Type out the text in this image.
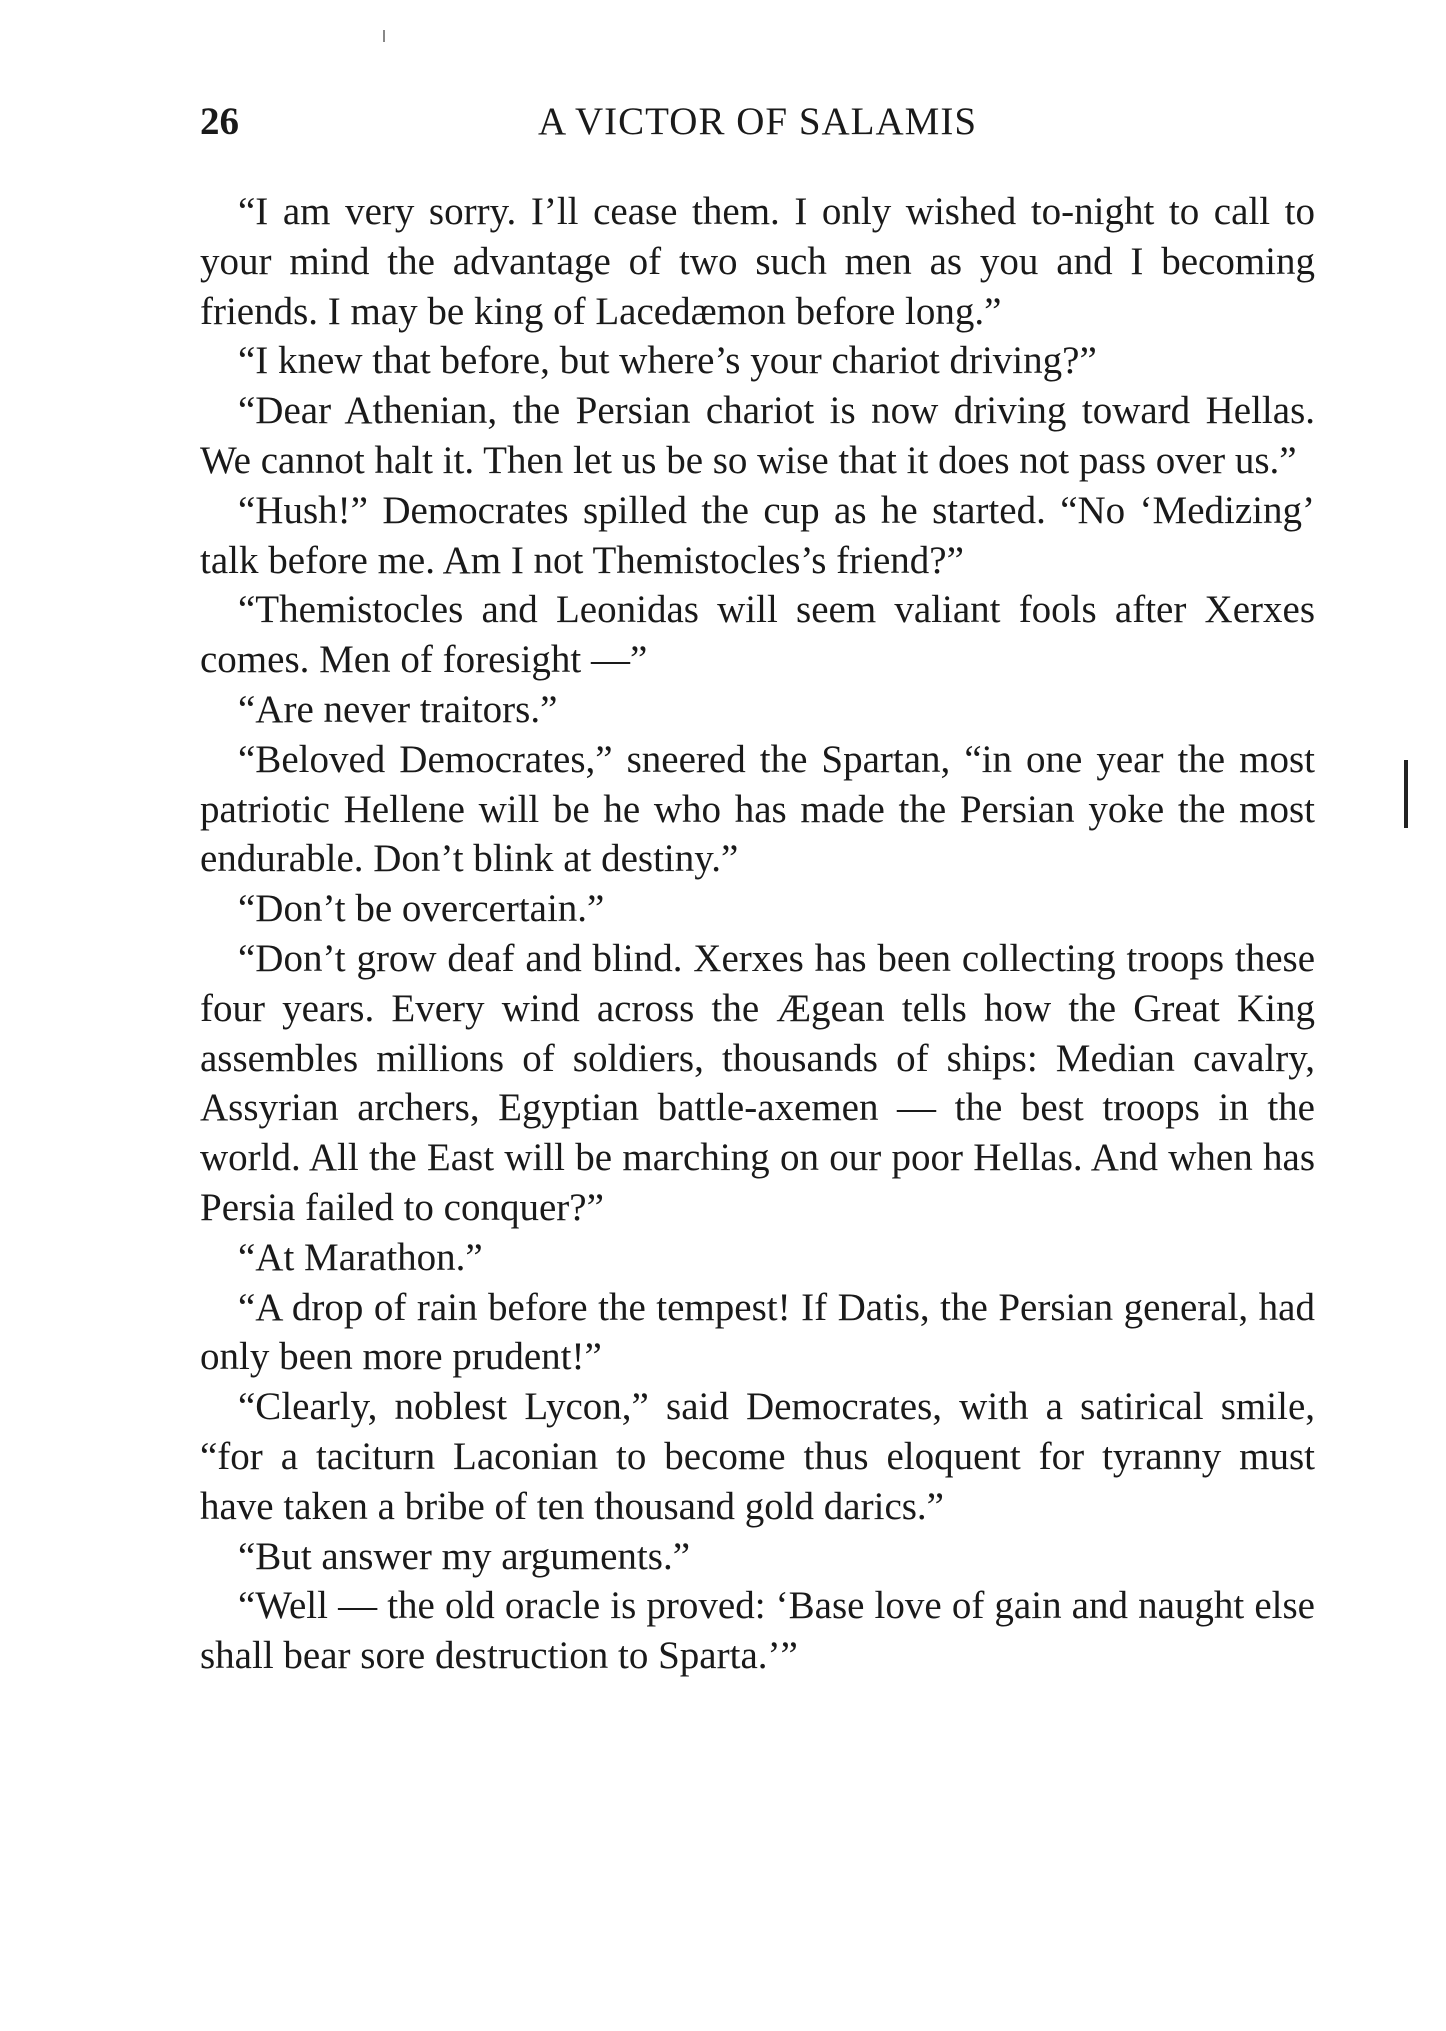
26	A VICTOR OF SALAMIS

“I am very sorry. I’ll cease them. I only wished to-night to call to your mind the advantage of two such men as you and I becoming friends. I may be king of Lacedæmon before long.”

“I knew that before, but where’s your chariot driving?”

“Dear Athenian, the Persian chariot is now driving toward Hellas. We cannot halt it. Then let us be so wise that it does not pass over us.”

“Hush!” Democrates spilled the cup as he started. “No ‘Medizing’ talk before me. Am I not Themistocles’s friend?”

“Themistocles and Leonidas will seem valiant fools after Xerxes comes. Men of foresight —”

“Are never traitors.”

“Beloved Democrates,” sneered the Spartan, “in one year the most patriotic Hellene will be he who has made the Persian yoke the most endurable. Don’t blink at destiny.”

“Don’t be overcertain.”

“Don’t grow deaf and blind. Xerxes has been collecting troops these four years. Every wind across the Ægean tells how the Great King assembles millions of soldiers, thousands of ships: Median cavalry, Assyrian archers, Egyptian battle-axemen — the best troops in the world. All the East will be marching on our poor Hellas. And when has Persia failed to conquer?”

“At Marathon.”

“A drop of rain before the tempest! If Datis, the Persian general, had only been more prudent!”

“Clearly, noblest Lycon,” said Democrates, with a satirical smile, “for a taciturn Laconian to become thus eloquent for tyranny must have taken a bribe of ten thousand gold darics.”

“But answer my arguments.”

“Well — the old oracle is proved: ‘Base love of gain and naught else shall bear sore destruction to Sparta.’”
